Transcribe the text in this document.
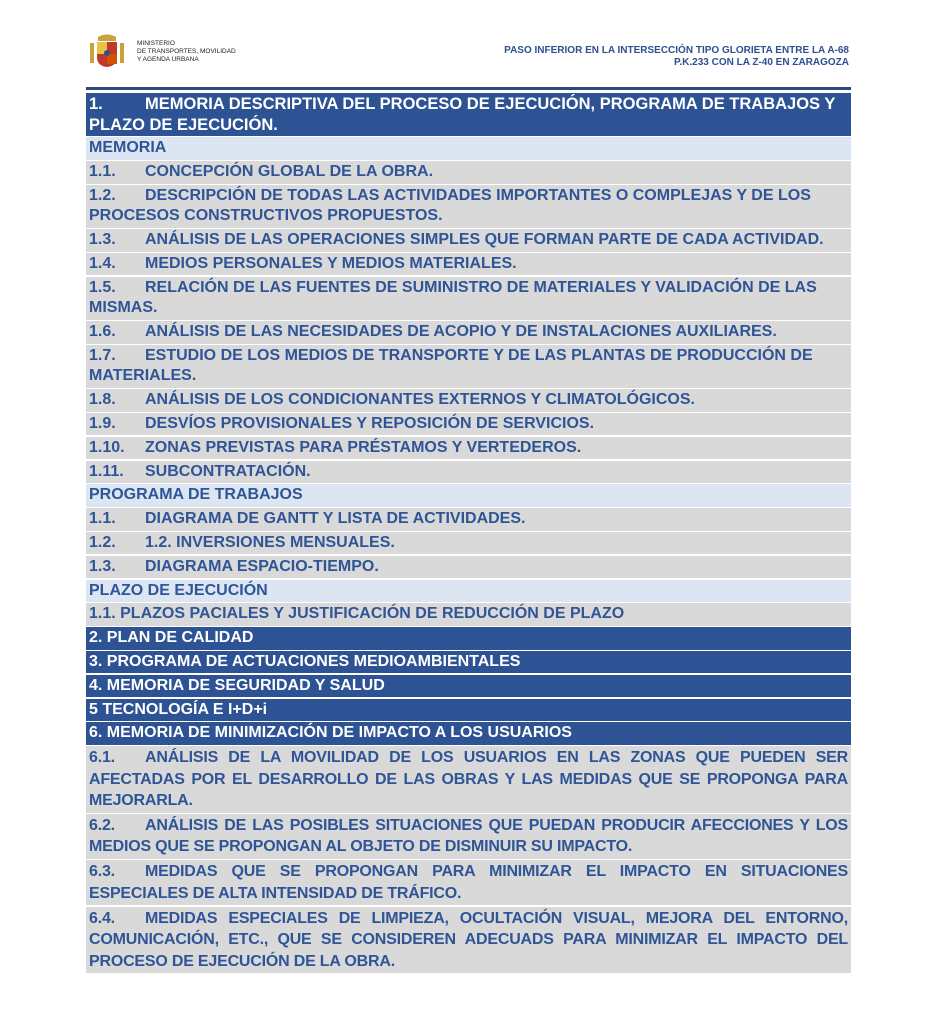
MINISTERIO
DE TRANSPORTES, MOVILIDAD
Y AGENDA URBANA
PASO INFERIOR EN LA INTERSECCIÓN TIPO GLORIETA ENTRE LA A-68
P.K.233 CON LA Z-40 EN ZARAGOZA
1.	MEMORIA DESCRIPTIVA DEL PROCESO DE EJECUCIÓN, PROGRAMA DE TRABAJOS Y PLAZO DE EJECUCIÓN.
MEMORIA
1.1. CONCEPCIÓN GLOBAL DE LA OBRA.
1.2. DESCRIPCIÓN DE TODAS LAS ACTIVIDADES IMPORTANTES O COMPLEJAS Y DE LOS PROCESOS CONSTRUCTIVOS PROPUESTOS.
1.3. ANÁLISIS DE LAS OPERACIONES SIMPLES QUE FORMAN PARTE DE CADA ACTIVIDAD.
1.4. MEDIOS PERSONALES Y MEDIOS MATERIALES.
1.5. RELACIÓN DE LAS FUENTES DE SUMINISTRO DE MATERIALES Y VALIDACIÓN DE LAS MISMAS.
1.6. ANÁLISIS DE LAS NECESIDADES DE ACOPIO Y DE INSTALACIONES AUXILIARES.
1.7. ESTUDIO DE LOS MEDIOS DE TRANSPORTE Y DE LAS PLANTAS DE PRODUCCIÓN DE MATERIALES.
1.8. ANÁLISIS DE LOS CONDICIONANTES EXTERNOS Y CLIMATOLÓGICOS.
1.9. DESVÍOS PROVISIONALES Y REPOSICIÓN DE SERVICIOS.
1.10. ZONAS PREVISTAS PARA PRÉSTAMOS Y VERTEDEROS.
1.11. SUBCONTRATACIÓN.
PROGRAMA DE TRABAJOS
1.1. DIAGRAMA DE GANTT Y LISTA DE ACTIVIDADES.
1.2. 1.2. INVERSIONES MENSUALES.
1.3. DIAGRAMA ESPACIO-TIEMPO.
PLAZO DE EJECUCIÓN
1.1. PLAZOS PACIALES Y JUSTIFICACIÓN DE REDUCCIÓN DE PLAZO
2. PLAN DE CALIDAD
3. PROGRAMA DE ACTUACIONES MEDIOAMBIENTALES
4. MEMORIA DE SEGURIDAD Y SALUD
5 TECNOLOGÍA E I+D+i
6. MEMORIA DE MINIMIZACIÓN DE IMPACTO A LOS USUARIOS
6.1. ANÁLISIS DE LA MOVILIDAD DE LOS USUARIOS EN LAS ZONAS QUE PUEDEN SER AFECTADAS POR EL DESARROLLO DE LAS OBRAS Y LAS MEDIDAS QUE SE PROPONGA PARA MEJORARLA.
6.2. ANÁLISIS DE LAS POSIBLES SITUACIONES QUE PUEDAN PRODUCIR AFECCIONES Y LOS MEDIOS QUE SE PROPONGAN AL OBJETO DE DISMINUIR SU IMPACTO.
6.3. MEDIDAS QUE SE PROPONGAN PARA MINIMIZAR EL IMPACTO EN SITUACIONES ESPECIALES DE ALTA INTENSIDAD DE TRÁFICO.
6.4. MEDIDAS ESPECIALES DE LIMPIEZA, OCULTACIÓN VISUAL, MEJORA DEL ENTORNO, COMUNICACIÓN, ETC., QUE SE CONSIDEREN ADECUADS PARA MINIMIZAR EL IMPACTO DEL PROCESO DE EJECUCIÓN DE LA OBRA.
